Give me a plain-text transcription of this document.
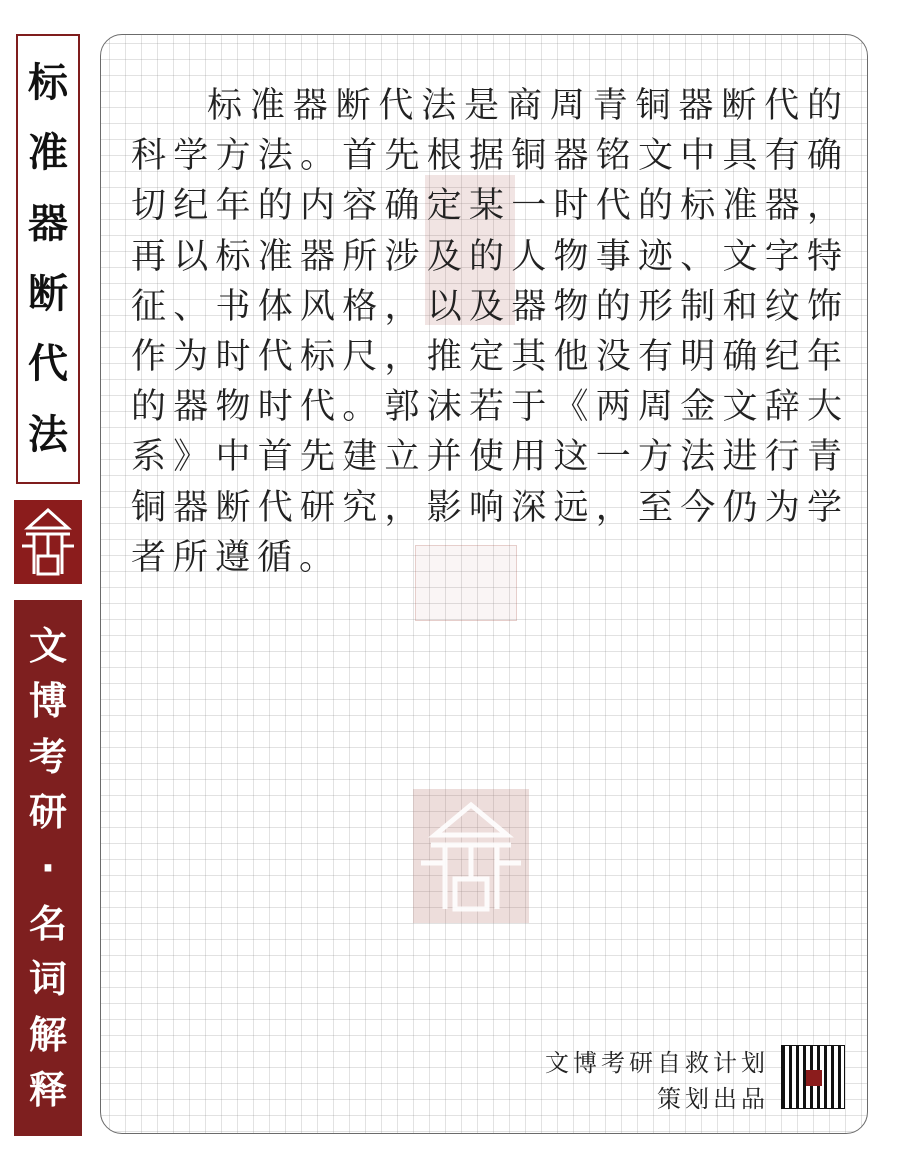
标
准
器
断
代
法
文
博
考
研
·
名
词
解
释
标准器断代法是商周青铜器断代的科学方法。首先根据铜器铭文中具有确切纪年的内容确定某一时代的标准器，再以标准器所涉及的人物事迹、文字特征、书体风格，以及器物的形制和纹饰作为时代标尺，推定其他没有明确纪年的器物时代。郭沫若于《两周金文辞大系》中首先建立并使用这一方法进行青铜器断代研究，影响深远，至今仍为学者所遵循。
文博考研自救计划
策划出品
